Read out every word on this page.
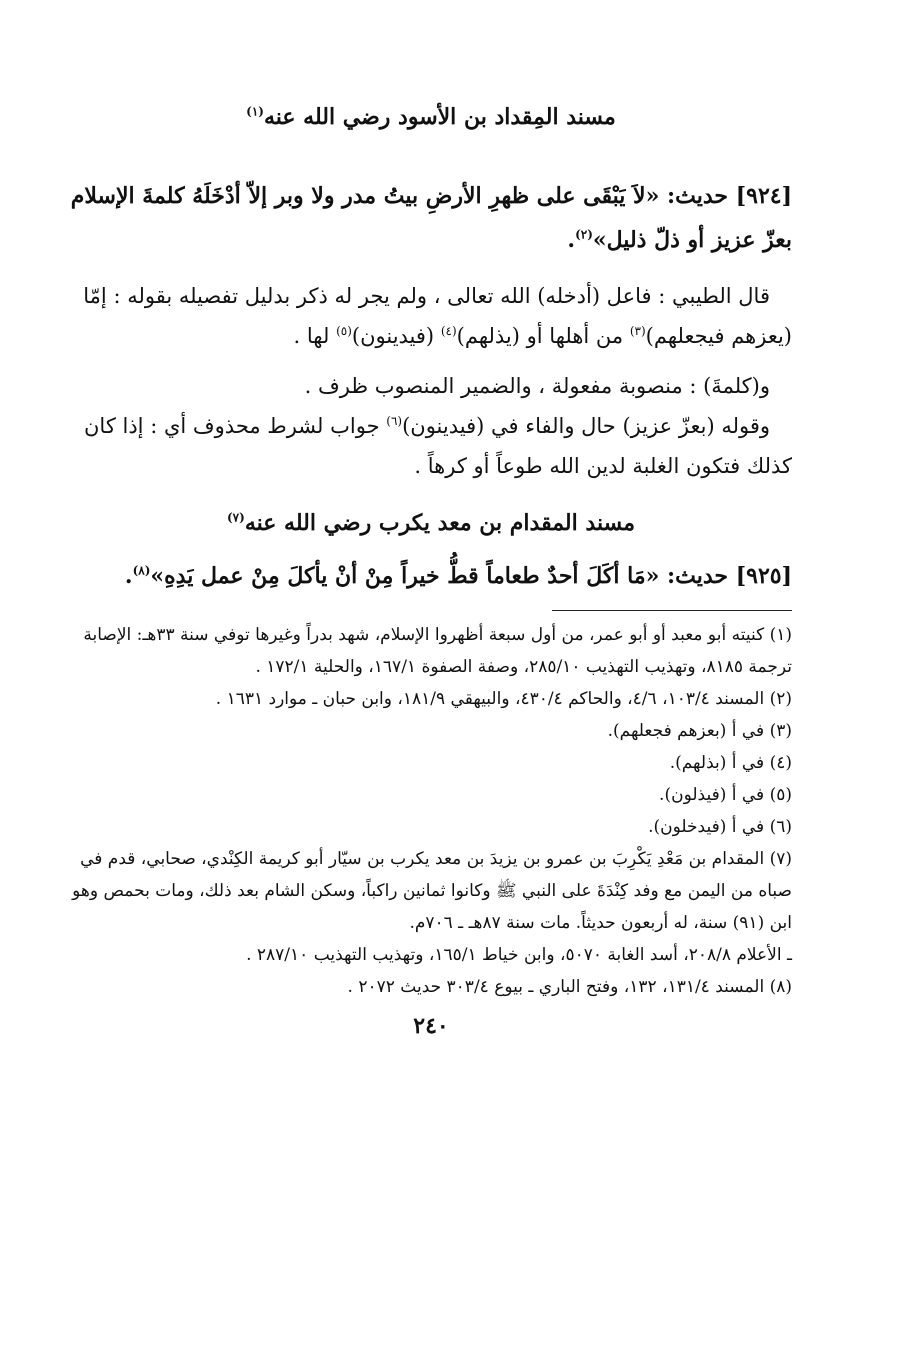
مسند المِقداد بن الأسود رضي الله عنه$^{(١)}$

[٩٢٤] حديث: «لاَ يَبْقَى على ظهرِ الأرضِ بيتُ مدر ولا وبر إلاّ أدْخَلَهُ كلمةَ الإسلام بعزّ عزيز أو ذلّ ذليل»$^{(٢)}$.

قال الطيبي : فاعل (أدخله) الله تعالى ، ولم يجر له ذكر بدليل تفصيله بقوله : إمّا (يعزهم فيجعلهم)$^{(٣)}$ من أهلها أو (يذلهم)$^{(٤)}$ (فيدينون)$^{(٥)}$ لها .

و(كلمةَ) : منصوبة مفعولة ، والضمير المنصوب ظرف .

وقوله (بعزّ عزيز) حال والفاء في (فيدينون)$^{(٦)}$ جواب لشرط محذوف أي : إذا كان كذلك فتكون الغلبة لدين الله طوعاً أو كرهاً .

مسند المقدام بن معد يكرب رضي الله عنه$^{(٧)}$

[٩٢٥] حديث: «مَا أكَلَ أحدٌ طعاماً قطُّ خيراً مِنْ أنْ يأكلَ مِنْ عمل يَدِهِ»$^{(٨)}$.

(١) كنيته أبو معبد أو أبو عمر، من أول سبعة أظهروا الإسلام، شهد بدراً وغيرها توفي سنة ٣٣هـ: الإصابة ترجمة ٨١٨٥، وتهذيب التهذيب ٢٨٥/١٠، وصفة الصفوة ١٦٧/١، والحلية ١٧٢/١ .

(٢) المسند ١٠٣/٤، ٤/٦، والحاكم ٤٣٠/٤، والبيهقي ١٨١/٩، وابن حبان ـ موارد ١٦٣١ .

(٣) في أ (بعزهم فجعلهم).

(٤) في أ (بذلهم).

(٥) في أ (فيذلون).

(٦) في أ (فيدخلون).

(٧) المقدام بن مَعْدِ يَكْرِبَ بن عمرو بن يزيدَ بن معد يكرب بن سيّار أبو كريمة الكِنْدي، صحابي، قدم في صباه من اليمن مع وفد كِنْدَةَ على النبي ﷺ وكانوا ثمانين راكباً، وسكن الشام بعد ذلك، ومات بحمص وهو ابن (٩١) سنة، له أربعون حديثاً. مات سنة ٨٧هـ ـ ٧٠٦م.

ـ الأعلام ٢٠٨/٨، أسد الغابة ٥٠٧٠، وابن خياط ١٦٥/١، وتهذيب التهذيب ٢٨٧/١٠ .

(٨) المسند ١٣١/٤، ١٣٢، وفتح الباري ـ بيوع ٣٠٣/٤ حديث ٢٠٧٢ .

٢٤٠
